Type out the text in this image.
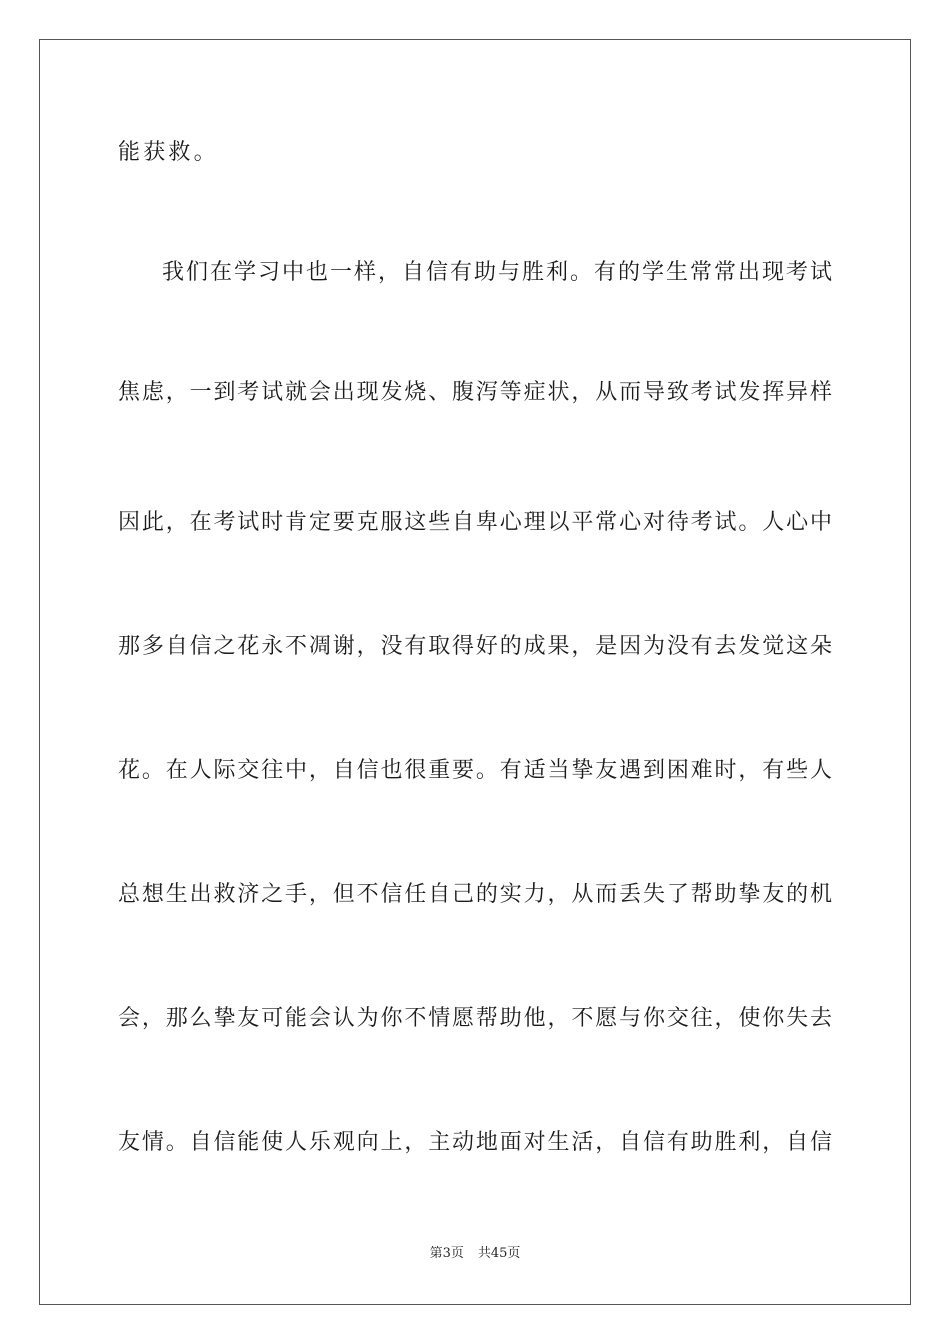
能获救。
我们在学习中也一样，自信有助与胜利。有的学生常常出现考试
焦虑，一到考试就会出现发烧、腹泻等症状，从而导致考试发挥异样
因此，在考试时肯定要克服这些自卑心理以平常心对待考试。人心中
那多自信之花永不凋谢，没有取得好的成果，是因为没有去发觉这朵
花。在人际交往中，自信也很重要。有适当挚友遇到困难时，有些人
总想生出救济之手，但不信任自己的实力，从而丢失了帮助挚友的机
会，那么挚友可能会认为你不情愿帮助他，不愿与你交往，使你失去
友情。自信能使人乐观向上，主动地面对生活，自信有助胜利，自信
第3页 共45页
